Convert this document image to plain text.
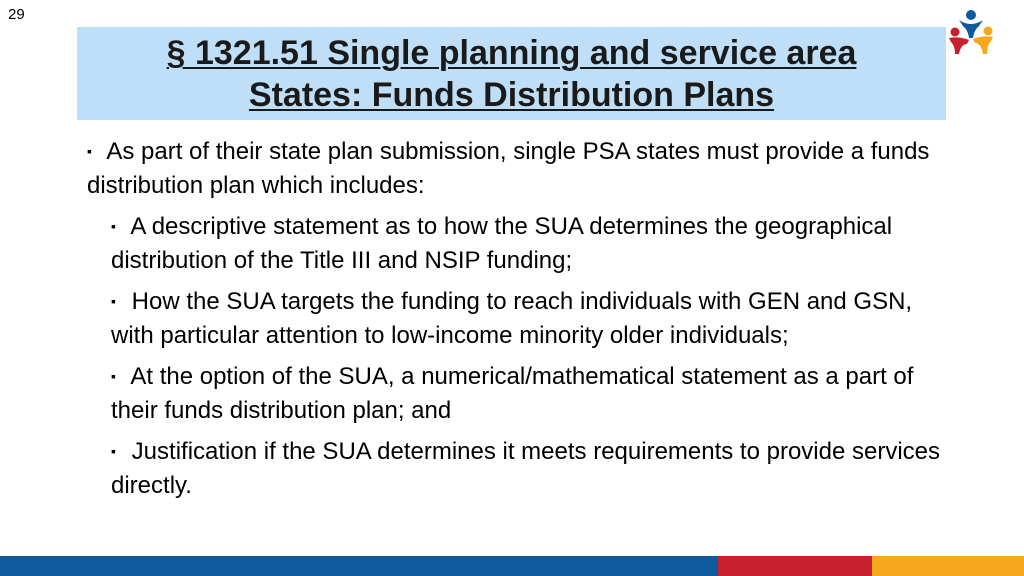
29
§ 1321.51 Single planning and service area
States: Funds Distribution Plans
▪ As part of their state plan submission, single PSA states must provide a funds distribution plan which includes:
▪ A descriptive statement as to how the SUA determines the geographical distribution of the Title III and NSIP funding;
▪ How the SUA targets the funding to reach individuals with GEN and GSN, with particular attention to low-income minority older individuals;
▪ At the option of the SUA, a numerical/mathematical statement as a part of their funds distribution plan; and
▪ Justification if the SUA determines it meets requirements to provide services directly.
